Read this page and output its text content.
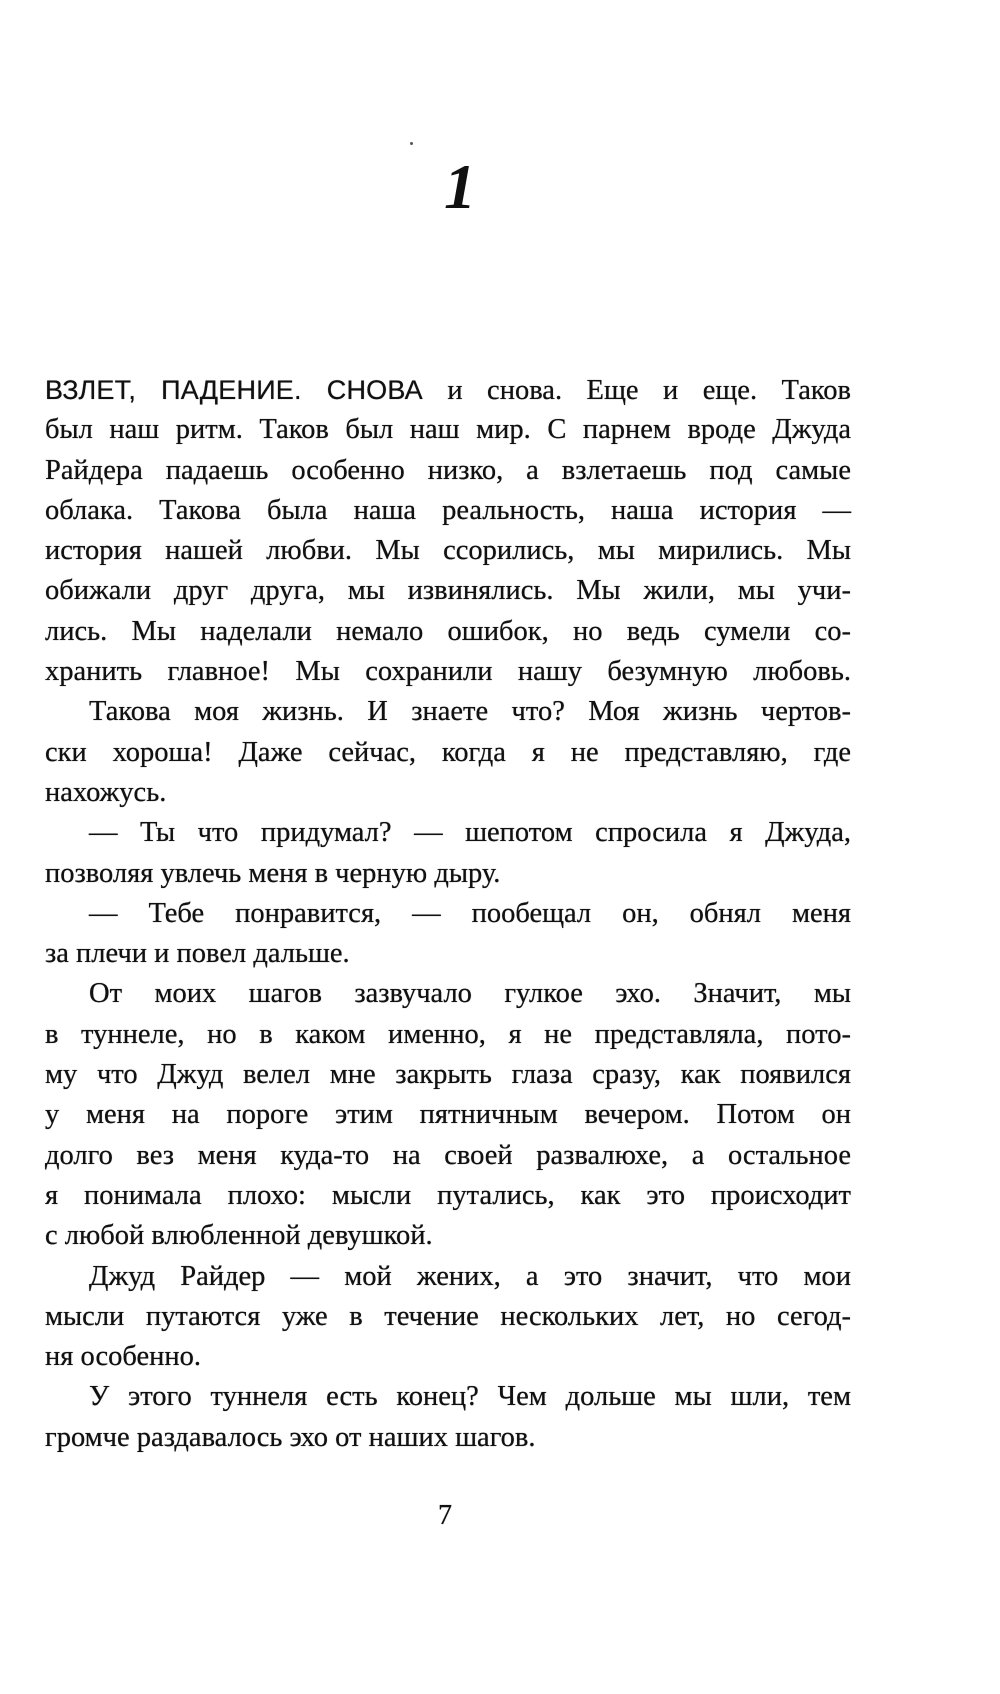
1
ВЗЛЕТ, ПАДЕНИЕ. СНОВА и снова. Еще и еще. Таков
был наш ритм. Таков был наш мир. С парнем вроде Джуда
Райдера падаешь особенно низко, а взлетаешь под самые
облака. Такова была наша реальность, наша история —
история нашей любви. Мы ссорились, мы мирились. Мы
обижали друг друга, мы извинялись. Мы жили, мы учи-
лись. Мы наделали немало ошибок, но ведь сумели со-
хранить главное! Мы сохранили нашу безумную любовь.
Такова моя жизнь. И знаете что? Моя жизнь чертов-
ски хороша! Даже сейчас, когда я не представляю, где
нахожусь.
— Ты что придумал? — шепотом спросила я Джуда,
позволяя увлечь меня в черную дыру.
— Тебе понравится, — пообещал он, обнял меня
за плечи и повел дальше.
От моих шагов зазвучало гулкое эхо. Значит, мы
в туннеле, но в каком именно, я не представляла, пото-
му что Джуд велел мне закрыть глаза сразу, как появился
у меня на пороге этим пятничным вечером. Потом он
долго вез меня куда-то на своей развалюхе, а остальное
я понимала плохо: мысли путались, как это происходит
с любой влюбленной девушкой.
Джуд Райдер — мой жених, а это значит, что мои
мысли путаются уже в течение нескольких лет, но сегод-
ня особенно.
У этого туннеля есть конец? Чем дольше мы шли, тем
громче раздавалось эхо от наших шагов.
7
